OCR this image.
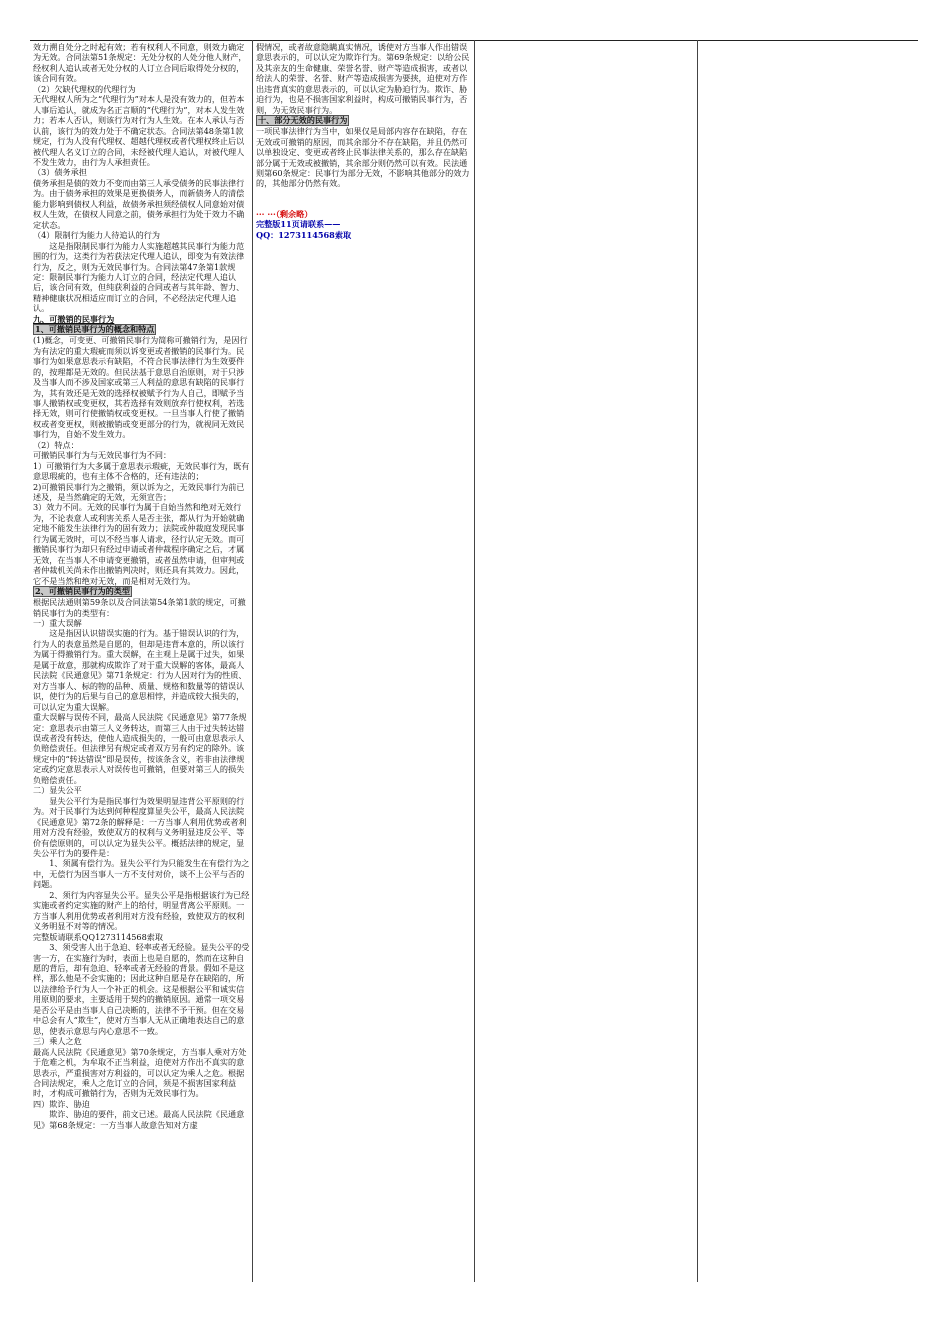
效力溯自处分之时起有效；若有权利人不同意，则效力确定为无效。合同法第51条规定：无处分权的人处分他人财产，经权利人追认或者无处分权的人订立合同后取得处分权的，该合同有效。

（2）欠缺代理权的代理行为

无代理权人所为之“代理行为”对本人是没有效力的，但若本人事后追认，就成为名正言顺的“代理行为”，对本人发生效力；若本人否认，则该行为对行为人生效。在本人承认与否认前，该行为的效力处于不确定状态。合同法第48条第1款规定，行为人没有代理权、超越代理权或者代理权终止后以被代理人名义订立的合同，未经被代理人追认，对被代理人不发生效力，由行为人承担责任。

（3）债务承担

债务承担是债的效力不变而由第三人承受债务的民事法律行为。由于债务承担的效果是更换债务人，而新债务人的清偿能力影响到债权人利益，故债务承担须经债权人同意始对债权人生效，在债权人同意之前，债务承担行为处于效力不确定状态。

（4）限制行为能力人待追认的行为

　　这是指限制民事行为能力人实施超越其民事行为能力范围的行为，这类行为若获法定代理人追认，即变为有效法律行为，反之，则为无效民事行为。合同法第47条第1款规定：限制民事行为能力人订立的合同，经法定代理人追认后，该合同有效，但纯获利益的合同或者与其年龄、智力、精神健康状况相适应而订立的合同，不必经法定代理人追认。

九、可撤销的民事行为

1、可撤销民事行为的概念和特点

(1)概念，可变更、可撤销民事行为简称可撤销行为，是因行为有法定的重大瑕疵而须以诉变更或者撤销的民事行为。民事行为如果意思表示有缺陷，不符合民事法律行为生效要件的，按理都是无效的。但民法基于意思自治原则，对于只涉及当事人而不涉及国家或第三人利益的意思有缺陷的民事行为，其有效还是无效的选择权被赋予行为人自己，即赋予当事人撤销权或变更权，其若选择有效则放弃行使权利，若选择无效，则可行使撤销权或变更权。一旦当事人行使了撤销权或者变更权，则被撤销或变更部分的行为，就视同无效民事行为，自始不发生效力。

（2）特点：

可撤销民事行为与无效民事行为不同：

1）可撤销行为大多属于意思表示瑕疵，无效民事行为，既有意思瑕疵的，也有主体不合格的，还有违法的；

2)可撤销民事行为之撤销，须以诉为之，无效民事行为前已述及，是当然确定的无效，无须宣告；

3）效力不同。无效的民事行为属于自始当然和绝对无效行为，不论表意人或利害关系人是否主张，都从行为开始就确定地不能发生法律行为的固有效力；法院或仲裁庭发现民事行为属无效时，可以不经当事人请求，径行认定无效。而可撤销民事行为却只有经过申请或者仲裁程序确定之后，才属无效，在当事人不申请变更撤销，或者虽然申请，但审判或者仲裁机关尚未作出撤销判决时，则还具有其效力。因此，它不是当然和绝对无效，而是相对无效行为。

2、可撤销民事行为的类型

根据民法通则第59条以及合同法第54条第1款的规定，可撤销民事行为的类型有：

一）重大误解

　　这是指因认识错误实施的行为。基于错误认识的行为，行为人的表意虽然是自愿的，但却是违背本意的，所以该行为属于得撤销行为。重大误解，在主观上是属于过失，如果是属于故意，那就构成欺诈了对于重大误解的客体，最高人民法院《民通意见》第71条规定：行为人因对行为的性质、对方当事人、标的物的品种、质量、规格和数量等的错误认识，使行为的后果与自己的意思相悖，并造成较大损失的，可以认定为重大误解。

重大误解与误传不同，最高人民法院《民通意见》第77条规定：意思表示由第三人义务转达，而第三人由于过失转达错误或者没有转达，使他人造成损失的，一般可由意思表示人负赔偿责任。但法律另有规定或者双方另有约定的除外。该规定中的“转达错误”即是误传，按该条含义，若非由法律规定或约定意思表示人对误传也可撤销，但要对第三人的损失负赔偿责任。

二）显失公平

　　显失公平行为是指民事行为效果明显违背公平原则的行为。对于民事行为达到何种程度算显失公平，最高人民法院《民通意见》第72条的解释是：一方当事人利用优势或者利用对方没有经验，致使双方的权利与义务明显违反公平、等价有偿原则的，可以认定为显失公平。概括法律的规定，显失公平行为的要件是：

　　1、须属有偿行为。显失公平行为只能发生在有偿行为之中，无偿行为因当事人一方不支付对价，谈不上公平与否的问题。

　　2、须行为内容显失公平。显失公平是指根据该行为已经实施或者约定实施的财产上的给付，明显背离公平原则。一方当事人利用优势或者利用对方没有经验，致使双方的权利义务明显不对等的情况。

完整版请联系QQ1273114568索取

　　3、须受害人出于急迫、轻率或者无经验。显失公平的受害一方，在实施行为时，表面上也是自愿的，然而在这种自愿的背后，却有急迫、轻率或者无经验的背景。假如不是这样，那么他是不会实施的；因此这种自愿是存在缺陷的，所以法律给予行为人一个补正的机会。这是根据公平和诚实信用原则的要求，主要适用于契约的撤销原因。通常一项交易是否公平是由当事人自己决断的，法律不予干预。但在交易中总会有人“欺生”，使对方当事人无从正确地表达自己的意思，使表示意思与内心意思不一致。

三）乘人之危

最高人民法院《民通意见》第70条规定，方当事人乘对方处于危难之机，为牟取不正当利益，迫使对方作出不真实的意思表示，严重损害对方利益的，可以认定为乘人之危。根据合同法规定，乘人之危订立的合同，须是不损害国家利益时，才构成可撤销行为，否则为无效民事行为。

四）欺诈、胁迫

　　欺诈、胁迫的要件，前文已述。最高人民法院《民通意见》第68条规定：一方当事人故意告知对方虚

假情况，或者故意隐瞒真实情况，诱使对方当事人作出错误意思表示的，可以认定为欺诈行为。第69条规定：以给公民及其亲友的生命健康、荣誉名誉、财产等造成损害，或者以给法人的荣誉、名誉、财产等造成损害为要挟，迫使对方作出违背真实的意思表示的，可以认定为胁迫行为。欺诈、胁迫行为，也是不损害国家利益时，构成可撤销民事行为，否则，为无效民事行为。

十、部分无效的民事行为

一项民事法律行为当中，如果仅是局部内容存在缺陷，存在无效或可撤销的原因，而其余部分不存在缺陷，并且仍然可以单独设定、变更或者终止民事法律关系的，那么存在缺陷部分属于无效或被撤销，其余部分则仍然可以有效。民法通则第60条规定：民事行为部分无效，不影响其他部分的效力的，其他部分仍然有效。

··· ···（剩余略）

完整版11页请联系——

QQ：1273114568索取
